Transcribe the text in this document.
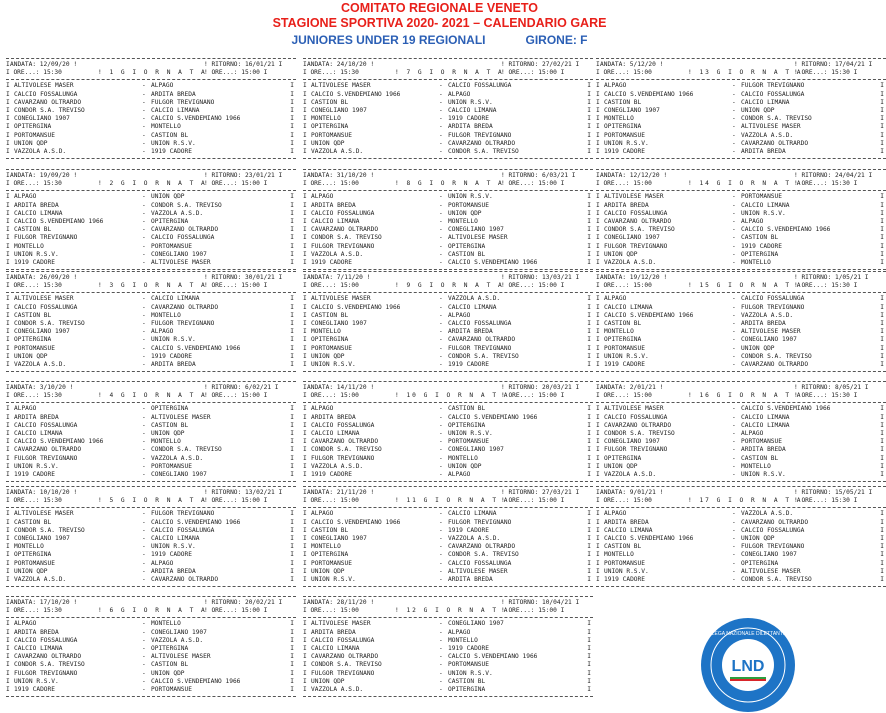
COMITATO REGIONALE VENETO
STAGIONE SPORTIVA 2020- 2021 – CALENDARIO GARE
JUNIORES UNDER 19 REGIONALI	GIRONE: F
I ANDATA: 12/09/20 !	! RITORNO: 16/01/21 I
I ORE...: 15:30	! 1 G I O R N A T A
! ORE...: 15:00 I
I ALTIVOLESE MASER	- ALPAGO	I
I CALCIO FOSSALUNGA	- ARDITA BREDA	I
I CAVARZANO OLTRARDO	- FULGOR TREVIGNANO	I
I CONDOR S.A. TREVISO	- CALCIO LIMANA	I
I CONEGLIANO 1907	- CALCIO S.VENDEMIANO 1966	I
I OPITERGINA	- MONTELLO	I
I PORTOMANSUE	- CASTION BL	I
I UNION QDP	- UNION R.S.V.	I
I VAZZOLA A.S.D.	- 1919 CADORE	I
I ANDATA: 19/09/20 !	! RITORNO: 23/01/21 I
I ORE...: 15:30	! 2 G I O R N A T A
! ORE...: 15:00 I
I ALPAGO	- UNION QDP	I
I ARDITA BREDA	- CONDOR S.A. TREVISO	I
I CALCIO LIMANA	- VAZZOLA A.S.D.	I
I CALCIO S.VENDEMIANO 1966	- OPITERGINA	I
I CASTION BL	- CAVARZANO OLTRARDO	I
I FULGOR TREVIGNANO	- CALCIO FOSSALUNGA	I
I MONTELLO	- PORTOMANSUE	I
I UNION R.S.V.	- CONEGLIANO 1907	I
I 1919 CADORE	- ALTIVOLESE MASER	I
I ANDATA: 26/09/20 !	! RITORNO: 30/01/21 I
I ORE...: 15:30	! 3 G I O R N A T A
! ORE...: 15:00 I
I ALTIVOLESE MASER	- CALCIO LIMANA	I
I CALCIO FOSSALUNGA	- CAVARZANO OLTRARDO	I
I CASTION BL	- MONTELLO	I
I CONDOR S.A. TREVISO	- FULGOR TREVIGNANO	I
I CONEGLIANO 1907	- ALPAGO	I
I OPITERGINA	- UNION R.S.V.	I
I PORTOMANSUE	- CALCIO S.VENDEMIANO 1966	I
I UNION QDP	- 1919 CADORE	I
I VAZZOLA A.S.D.	- ARDITA BREDA	I
I ANDATA: 3/10/20 !	! RITORNO: 6/02/21 I
I ORE...: 15:30	! 4 G I O R N A T A
! ORE...: 15:00 I
I ALPAGO	- OPITERGINA	I
I ARDITA BREDA	- ALTIVOLESE MASER	I
I CALCIO FOSSALUNGA	- CASTION BL	I
I CALCIO LIMANA	- UNION QDP	I
I CALCIO S.VENDEMIANO 1966	- MONTELLO	I
I CAVARZANO OLTRARDO	- CONDOR S.A. TREVISO	I
I FULGOR TREVIGNANO	- VAZZOLA A.S.D.	I
I UNION R.S.V.	- PORTOMANSUE	I
I 1919 CADORE	- CONEGLIANO 1907	I
I ANDATA: 10/10/20 !	! RITORNO: 13/02/21 I
I ORE...: 15:30	! 5 G I O R N A T A
! ORE...: 15:00 I
I ALTIVOLESE MASER	- FULGOR TREVIGNANO	I
I CASTION BL	- CALCIO S.VENDEMIANO 1966	I
I CONDOR S.A. TREVISO	- CALCIO FOSSALUNGA	I
I CONEGLIANO 1907	- CALCIO LIMANA	I
I MONTELLO	- UNION R.S.V.	I
I OPITERGINA	- 1919 CADORE	I
I PORTOMANSUE	- ALPAGO	I
I UNION QDP	- ARDITA BREDA	I
I VAZZOLA A.S.D.	- CAVARZANO OLTRARDO	I
I ANDATA: 17/10/20 !	! RITORNO: 20/02/21 I
I ORE...: 15:30	! 6 G I O R N A T A
! ORE...: 15:00 I
I ALPAGO	- MONTELLO	I
I ARDITA BREDA	- CONEGLIANO 1907	I
I CALCIO FOSSALUNGA	- VAZZOLA A.S.D.	I
I CALCIO LIMANA	- OPITERGINA	I
I CAVARZANO OLTRARDO	- ALTIVOLESE MASER	I
I CONDOR S.A. TREVISO	- CASTION BL	I
I FULGOR TREVIGNANO	- UNION QDP	I
I UNION R.S.V.	- CALCIO S.VENDEMIANO 1966	I
I 1919 CADORE	- PORTOMANSUE	I
I ANDATA: 24/10/20 !	! RITORNO: 27/02/21 I
I ORE...: 15:30	! 7 G I O R N A T A
! ORE...: 15:00 I
I ALTIVOLESE MASER	- CALCIO FOSSALUNGA	I
I CALCIO S.VENDEMIANO 1966	- ALPAGO	I
I CASTION BL	- UNION R.S.V.	I
I CONEGLIANO 1907	- CALCIO LIMANA	I
I MONTELLO	- 1919 CADORE	I
I OPITERGINA	- ARDITA BREDA	I
I PORTOMANSUE	- FULGOR TREVIGNANO	I
I UNION QDP	- CAVARZANO OLTRARDO	I
I VAZZOLA A.S.D.	- CONDOR S.A. TREVISO	I
I ANDATA: 31/10/20 !	! RITORNO: 6/03/21 I
I ORE...: 15:00	! 8 G I O R N A T A
! ORE...: 15:00 I
I ALPAGO	- UNION R.S.V.	I
I ARDITA BREDA	- PORTOMANSUE	I
I CALCIO FOSSALUNGA	- UNION QDP	I
I CALCIO LIMANA	- MONTELLO	I
I CAVARZANO OLTRARDO	- CONEGLIANO 1907	I
I CONDOR S.A. TREVISO	- ALTIVOLESE MASER	I
I FULGOR TREVIGNANO	- OPITERGINA	I
I VAZZOLA A.S.D.	- CASTION BL	I
I 1919 CADORE	- CALCIO S.VENDEMIANO 1966	I
I ANDATA: 7/11/20 !	! RITORNO: 13/03/21 I
I ORE...: 15:00	! 9 G I O R N A T A
! ORE...: 15:00 I
I ALTIVOLESE MASER	- VAZZOLA A.S.D.	I
I CALCIO S.VENDEMIANO 1966	- CALCIO LIMANA	I
I CASTION BL	- ALPAGO	I
I CONEGLIANO 1907	- CALCIO FOSSALUNGA	I
I MONTELLO	- ARDITA BREDA	I
I OPITERGINA	- CAVARZANO OLTRARDO	I
I PORTOMANSUE	- FULGOR TREVIGNANO	I
I UNION QDP	- CONDOR S.A. TREVISO	I
I UNION R.S.V.	- 1919 CADORE	I
I ANDATA: 14/11/20 !	! RITORNO: 20/03/21 I
I ORE...: 15:00	! 10 G I O R N A T A
! ORE...: 15:00 I
I ALPAGO	- CASTION BL	I
I ARDITA BREDA	- CALCIO S.VENDEMIANO 1966	I
I CALCIO FOSSALUNGA	- OPITERGINA	I
I CALCIO LIMANA	- UNION R.S.V.	I
I CAVARZANO OLTRARDO	- PORTOMANSUE	I
I CONDOR S.A. TREVISO	- CONEGLIANO 1907	I
I FULGOR TREVIGNANO	- MONTELLO	I
I VAZZOLA A.S.D.	- UNION QDP	I
I 1919 CADORE	- ALPAGO	I
I ANDATA: 21/11/20 !	! RITORNO: 27/03/21 I
I ORE...: 15:00	! 11 G I O R N A T A
! ORE...: 15:00 I
I ALPAGO	- CALCIO LIMANA	I
I CALCIO S.VENDEMIANO 1966	- FULGOR TREVIGNANO	I
I CASTION BL	- 1919 CADORE	I
I CONEGLIANO 1907	- VAZZOLA A.S.D.	I
I MONTELLO	- CAVARZANO OLTRARDO	I
I OPITERGINA	- CONDOR S.A. TREVISO	I
I PORTOMANSUE	- CALCIO FOSSALUNGA	I
I UNION QDP	- ALTIVOLESE MASER	I
I UNION R.S.V.	- ARDITA BREDA	I
I ANDATA: 28/11/20 !	! RITORNO: 10/04/21 I
I ORE...: 15:00	! 12 G I O R N A T A
! ORE...: 15:00 I
I ALTIVOLESE MASER	- CONEGLIANO 1907	I
I ARDITA BREDA	- ALPAGO	I
I CALCIO FOSSALUNGA	- MONTELLO	I
I CALCIO LIMANA	- 1919 CADORE	I
I CAVARZANO OLTRARDO	- CALCIO S.VENDEMIANO 1966	I
I CONDOR S.A. TREVISO	- PORTOMANSUE	I
I FULGOR TREVIGNANO	- UNION R.S.V.	I
I UNION QDP	- CASTION BL	I
I VAZZOLA A.S.D.	- OPITERGINA	I
I ANDATA: 5/12/20 !	! RITORNO: 17/04/21 I
I ORE...: 15:00	! 13 G I O R N A T A
! ORE...: 15:30 I
I ALPAGO	- FULGOR TREVIGNANO	I
I CALCIO S.VENDEMIANO 1966	- CALCIO FOSSALUNGA	I
I CASTION BL	- CALCIO LIMANA	I
I CONEGLIANO 1907	- UNION QDP	I
I MONTELLO	- CONDOR S.A. TREVISO	I
I OPITERGINA	- ALTIVOLESE MASER	I
I PORTOMANSUE	- VAZZOLA A.S.D.	I
I UNION R.S.V.	- CAVARZANO OLTRARDO	I
I 1919 CADORE	- ARDITA BREDA	I
I ANDATA: 12/12/20 !	! RITORNO: 24/04/21 I
I ORE...: 15:00	! 14 G I O R N A T A
! ORE...: 15:30 I
I ALTIVOLESE MASER	- PORTOMANSUE	I
I ARDITA BREDA	- CALCIO LIMANA	I
I CALCIO FOSSALUNGA	- UNION R.S.V.	I
I CAVARZANO OLTRARDO	- ALPAGO	I
I CONDOR S.A. TREVISO	- CALCIO S.VENDEMIANO 1966	I
I CONEGLIANO 1907	- CASTION BL	I
I FULGOR TREVIGNANO	- 1919 CADORE	I
I UNION QDP	- OPITERGINA	I
I VAZZOLA A.S.D.	- MONTELLO	I
I ANDATA: 19/12/20 !	! RITORNO: 1/05/21 I
I ORE...: 15:00	! 15 G I O R N A T A
! ORE...: 15:30 I
I ALPAGO	- CALCIO FOSSALUNGA	I
I CALCIO LIMANA	- FULGOR TREVIGNANO	I
I CALCIO S.VENDEMIANO 1966	- VAZZOLA A.S.D.	I
I CASTION BL	- ARDITA BREDA	I
I MONTELLO	- ALTIVOLESE MASER	I
I OPITERGINA	- CONEGLIANO 1907	I
I PORTOMANSUE	- UNION QDP	I
I UNION R.S.V.	- CONDOR S.A. TREVISO	I
I 1919 CADORE	- CAVARZANO OLTRARDO	I
I ANDATA: 2/01/21 !	! RITORNO: 8/05/21 I
I ORE...: 15:00	! 16 G I O R N A T A
! ORE...: 15:30 I
I ALTIVOLESE MASER	- CALCIO S.VENDEMIANO 1966	I
I CALCIO FOSSALUNGA	- CALCIO LIMANA	I
I CAVARZANO OLTRARDO	- CALCIO LIMANA	I
I CONDOR S.A. TREVISO	- ALPAGO	I
I CONEGLIANO 1907	- PORTOMANSUE	I
I FULGOR TREVIGNANO	- ARDITA BREDA	I
I OPITERGINA	- CASTION BL	I
I UNION QDP	- MONTELLO	I
I VAZZOLA A.S.D.	- UNION R.S.V.	I
I ANDATA: 9/01/21 !	! RITORNO: 15/05/21 I
I ORE...: 15:00	! 17 G I O R N A T A
! ORE...: 15:30 I
I ALPAGO	- VAZZOLA A.S.D.	I
I ARDITA BREDA	- CAVARZANO OLTRARDO	I
I CALCIO LIMANA	- CALCIO FOSSALUNGA	I
I CALCIO S.VENDEMIANO 1966	- UNION QDP	I
I CASTION BL	- FULGOR TREVIGNANO	I
I MONTELLO	- CONEGLIANO 1907	I
I PORTOMANSUE	- OPITERGINA	I
I UNION R.S.V.	- ALTIVOLESE MASER	I
I 1919 CADORE	- CONDOR S.A. TREVISO	I
LND
LEGA NAZIONALE DILETTANTI
